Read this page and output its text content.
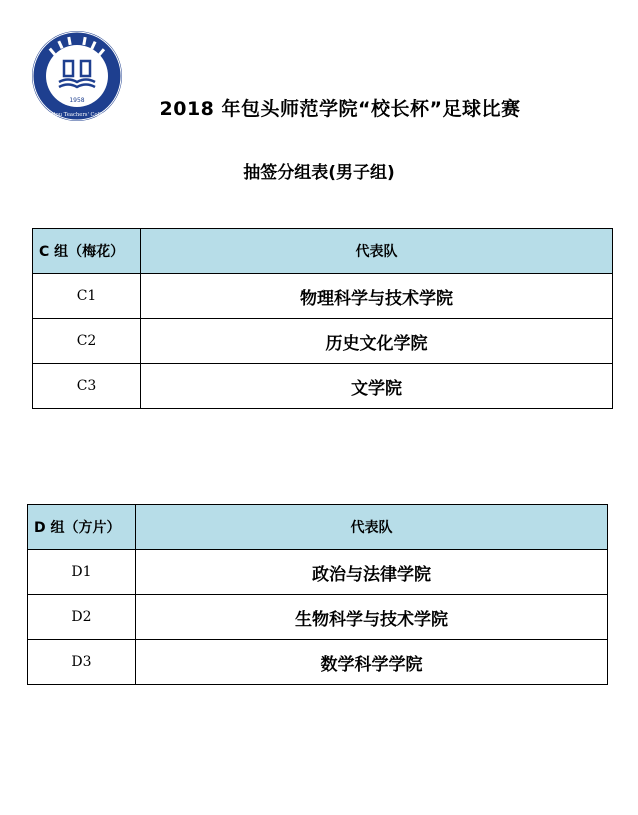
1958
Baotou Teachers' College	2018 年包头师范学院“校长杯”足球比赛
抽签分组表(男子组)
C 组（梅花）	代表队
C1	物理科学与技术学院
C2	历史文化学院
C3	文学院
D 组（方片）	代表队
D1	政治与法律学院
D2	生物科学与技术学院
D3	数学科学学院
